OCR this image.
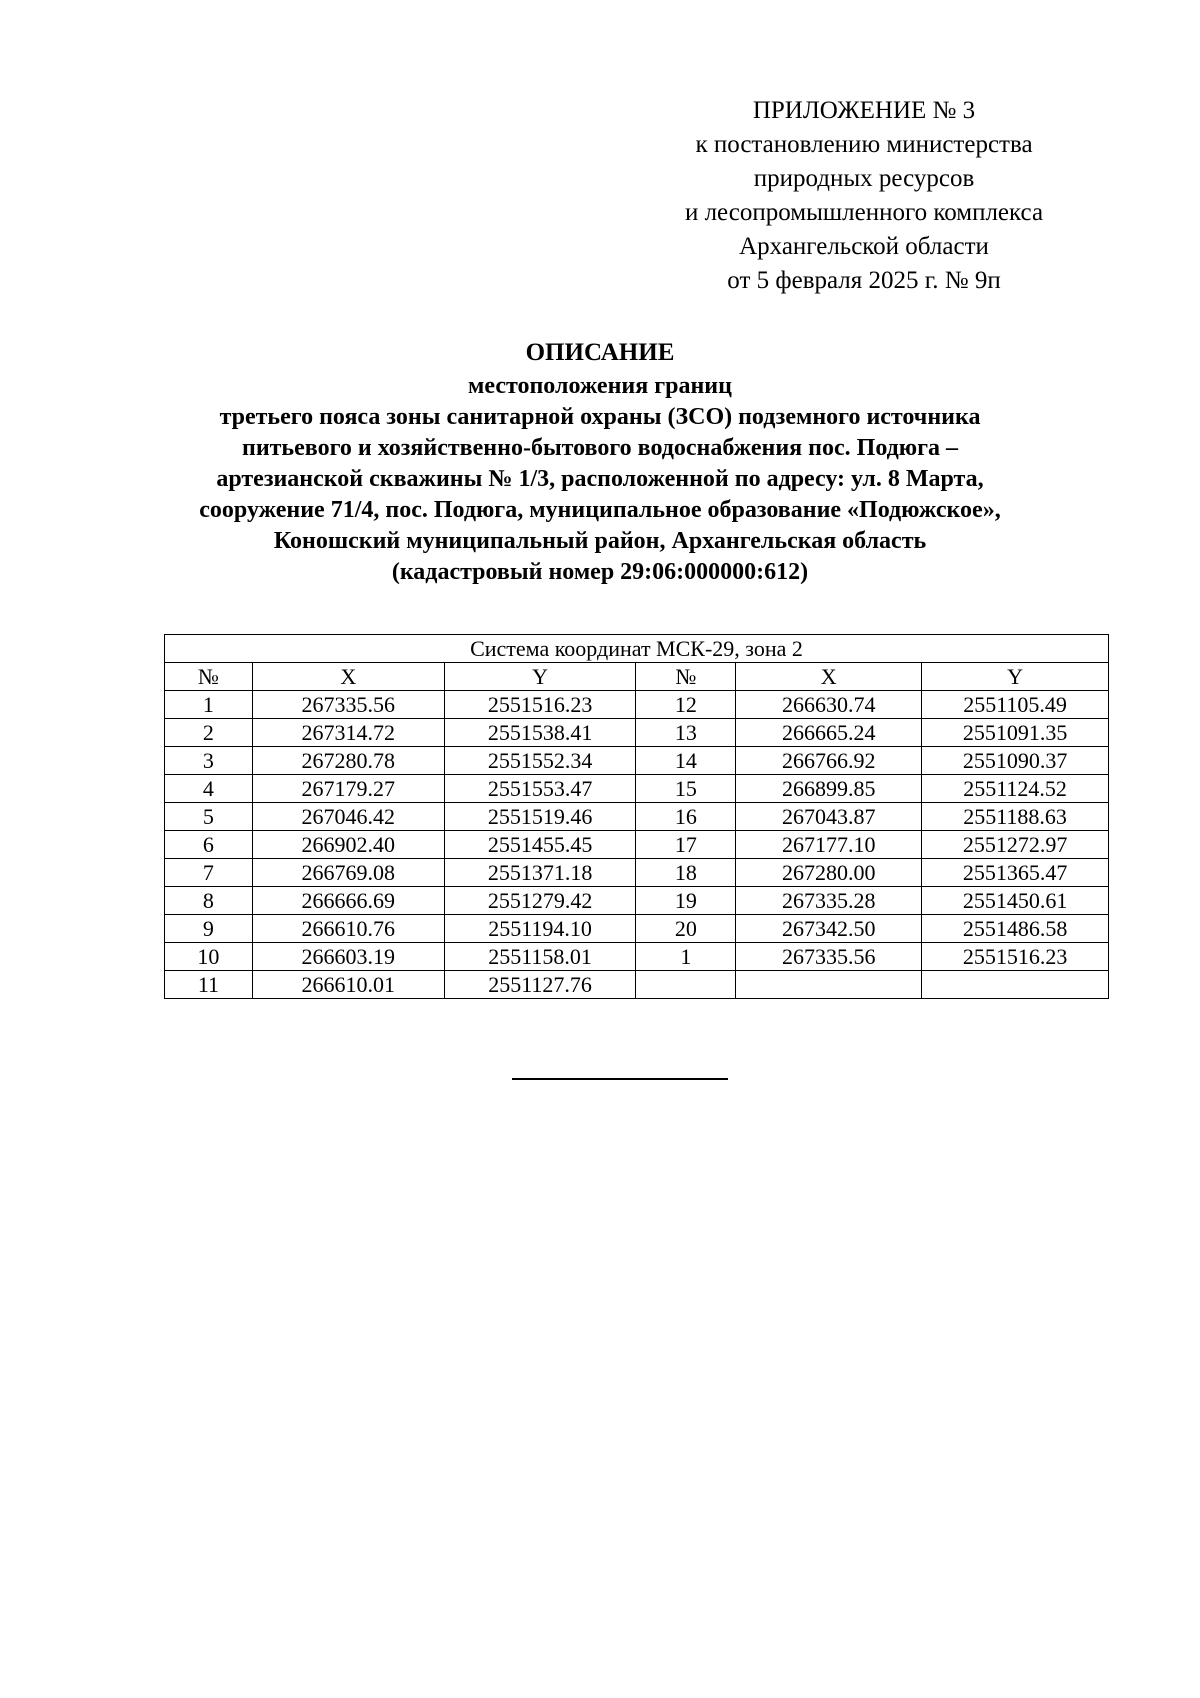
ПРИЛОЖЕНИЕ № 3
к постановлению министерства
природных ресурсов
и лесопромышленного комплекса
Архангельской области
от 5 февраля 2025 г. № 9п
ОПИСАНИЕ
местоположения границ
третьего пояса зоны санитарной охраны (ЗСО) подземного источника
питьевого и хозяйственно-бытового водоснабжения пос. Подюга –
артезианской скважины № 1/3, расположенной по адресу: ул. 8 Марта,
сооружение 71/4, пос. Подюга, муниципальное образование «Подюжское»,
Коношский муниципальный район, Архангельская область
(кадастровый номер 29:06:000000:612)
Система координат МСК-29, зона 2					
№	X	Y	№	X	Y
1	267335.56	2551516.23	12	266630.74	2551105.49
2	267314.72	2551538.41	13	266665.24	2551091.35
3	267280.78	2551552.34	14	266766.92	2551090.37
4	267179.27	2551553.47	15	266899.85	2551124.52
5	267046.42	2551519.46	16	267043.87	2551188.63
6	266902.40	2551455.45	17	267177.10	2551272.97
7	266769.08	2551371.18	18	267280.00	2551365.47
8	266666.69	2551279.42	19	267335.28	2551450.61
9	266610.76	2551194.10	20	267342.50	2551486.58
10	266603.19	2551158.01	1	267335.56	2551516.23
11	266610.01	2551127.76			
